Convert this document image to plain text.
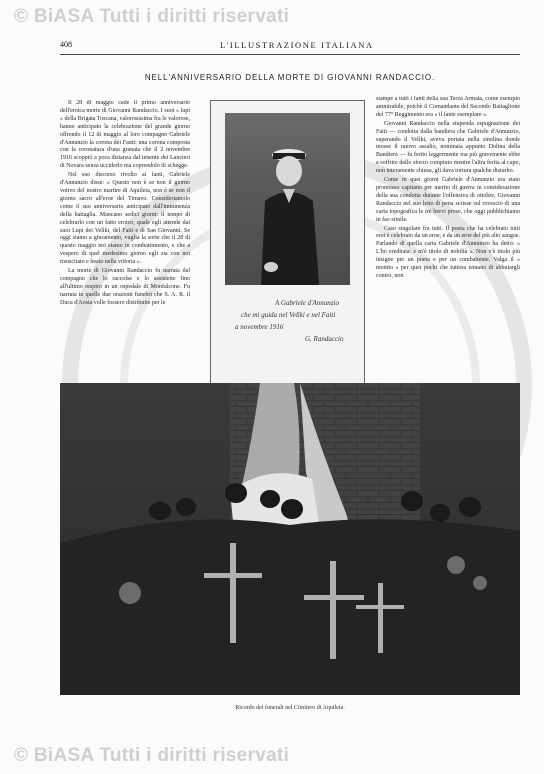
© BiASA Tutti i diritti riservati
408	L'ILLUSTRAZIONE ITALIANA
NELL'ANNIVERSARIO DELLA MORTE DI GIOVANNI RANDACCIO.

Il 28 di maggio cade il primo anniversario dell'eroica morte di Giovanni Randaccio. I suoi « lupi » della Brigata Toscana, valorosissima fra le valorose, hanno anticipato la celebrazione del grande giorno offrendo il 12 di maggio al loro compagno Gabriele d'Annunzio la corona dei Fanti: una corona composta con la coronatura d'una granata che il 2 novembre 1916 scoppiò a poca distanza dal tenente dei Lancieri di Novara senza ucciderlo ma coprendolo di schegge.

Nel suo discorso rivolto ai fanti, Gabriele d'Annunzio disse: « Questo non è se non il giorno votivo del nostro martire di Aquileia, non è se non il giorno sacro all'eroe del Timavo. Consideriamolo come il suo anniversario anticipato dall'imminenza della battaglia. Mancano sedici giorni: il tempo di celebrarlo con un fatto eroico, quale egli attende dai suoi Lupi dei Velìki, del Faiti e di San Giovanni. Se oggi siamo a giuramento, vuglia la sorte che il 28 di questo maggio noi siamo in combattimento, e che a vespero di quel medesimo giorno egli sia con noi risuscitato e beato nella vittoria ».

La morte di Giovanni Randaccio fu narrata dal compagno che lo raccolse e lo assistette fino all'ultimo respiro in un ospedale di Monfalcone. Fu narrata in quelle due orazioni funebri che S. A. R. il Duca d'Aosta volle fossero distribuite per le	A Gabriele d'Annunzio
che mi guida nel Velìki e nel Faiti
a novembre 1916
G. Randaccio

stampe a tutti i fanti della sua Terza Armata, come esempio ammirabile, poichè il Comandante del Secondo Battaglione del 77° Reggimento era « il fante esemplare ».

Giovanni Randaccio nella stupenda espugnazione dei Faiti — condotta dalla bandiera che Gabriele d'Annunzio, superando il Velìki, aveva portata nella sinolina donde mosse il nuovo assalto, nominata appunto Dolina della Bandiera — fu ferito leggermente ma più gravemente ebbe a soffrire dello sforzo compiuto mentre l'altra ferita al capo, non interamente chiusa, gli dava tortura qualche disturbo.

Come in quei giorni Gabriele d'Annunzio era stato promosso capitano per merito di guerra in considerazione della sua condotta durante l'offensiva di ottobre, Giovanni Randaccio nel suo letto di pena scrisse sul rovescio di una carta topografica le tre brevi prose, che oggi pubblichiamo in fac-simile.

Caso singolare fra tutti. Il poeta che ha celebrato tutti eroi è celebrato da un eroe, e da un eroe del più alto sangue. Parlando di quella carta Gabriele d'Annunzio ha detto: « L'ho ereditata: e m'è titolo di nobiltà ». Non v'è titolo più insigne per un poeta e per un combattente. Valga il « monito » per quei pochi che tuttora tentano di abbuiargli contro, non

Ricordo dei funerali nel Cimitero di Aquileia.
© BiASA Tutti i diritti riservati
